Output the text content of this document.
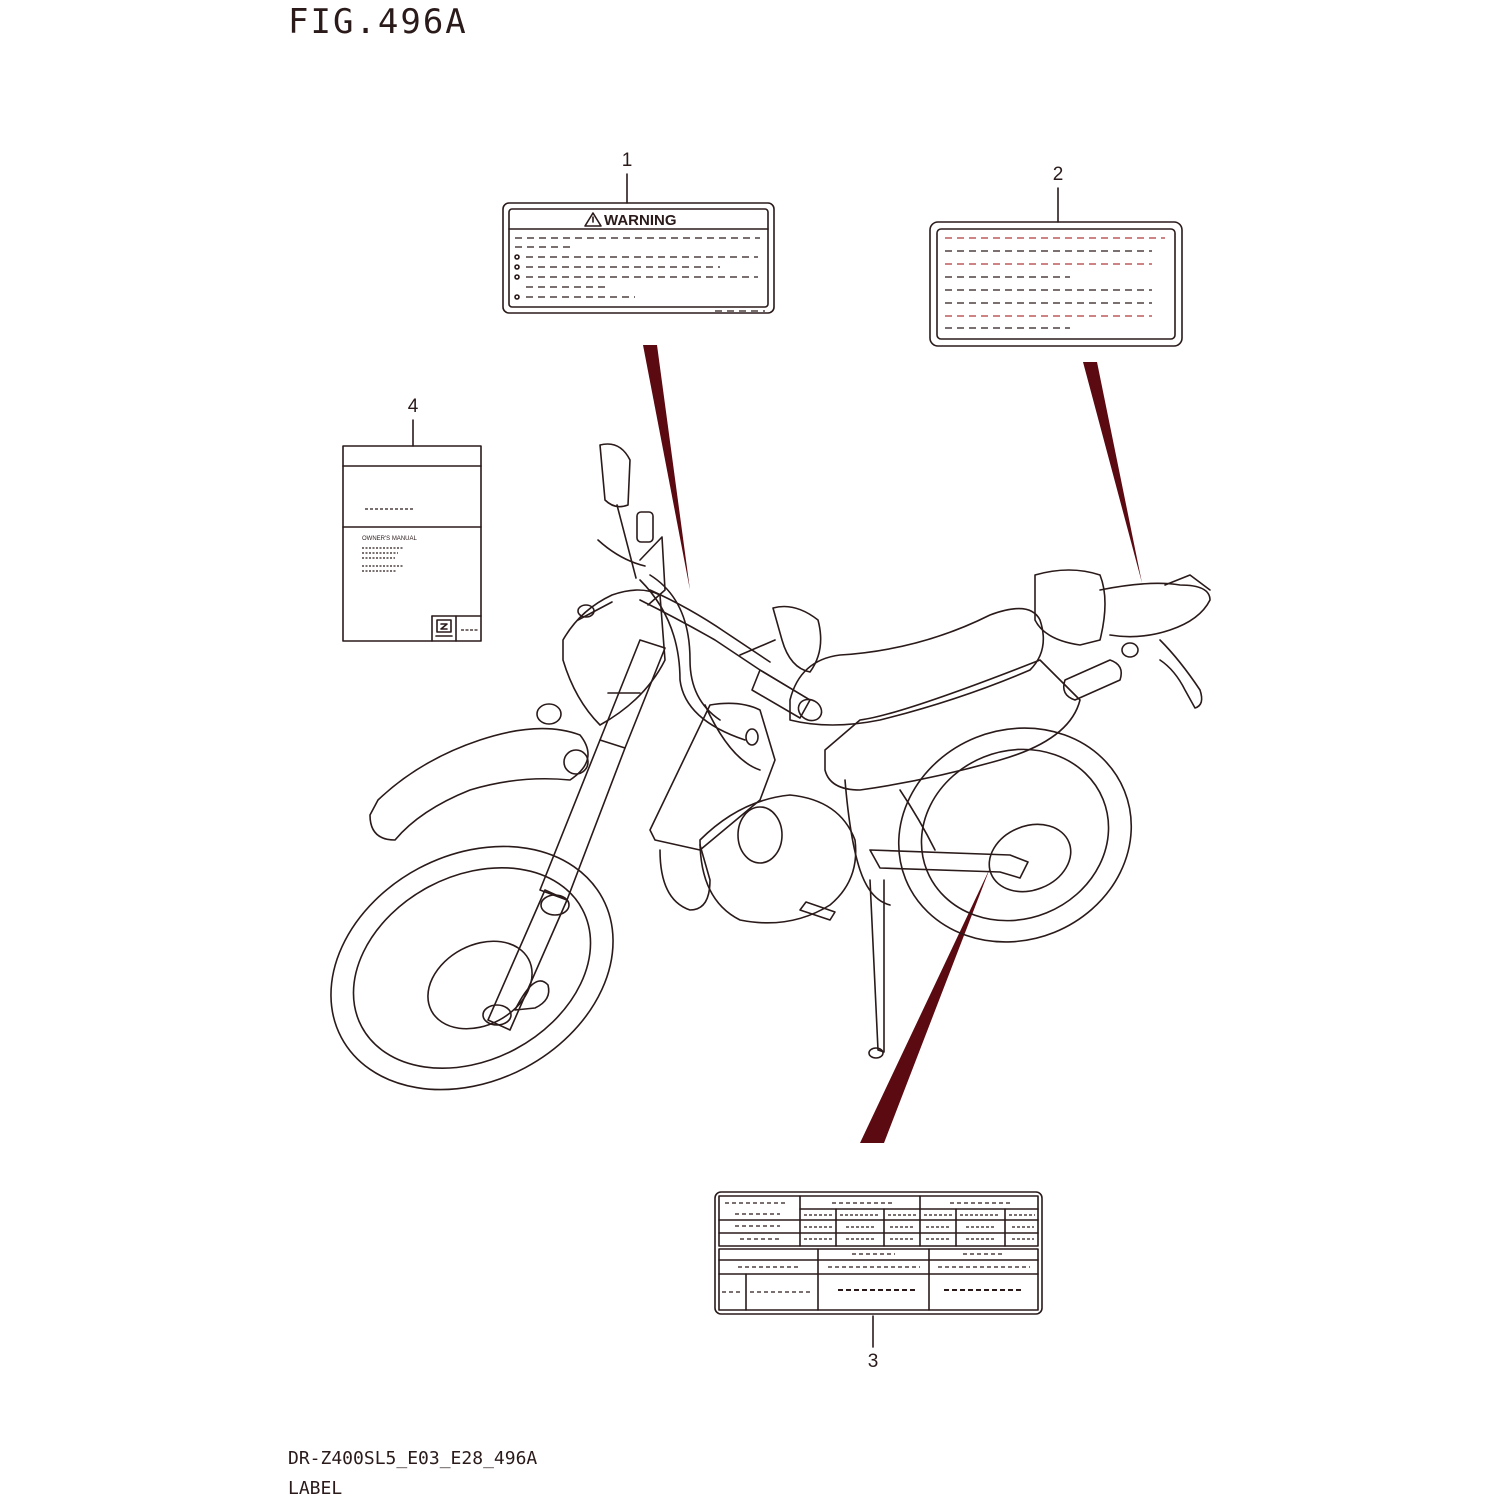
FIG.496A
1
WARNING
2
4
OWNER'S MANUAL
3
DR-Z400SL5_E03_E28_496A
LABEL
